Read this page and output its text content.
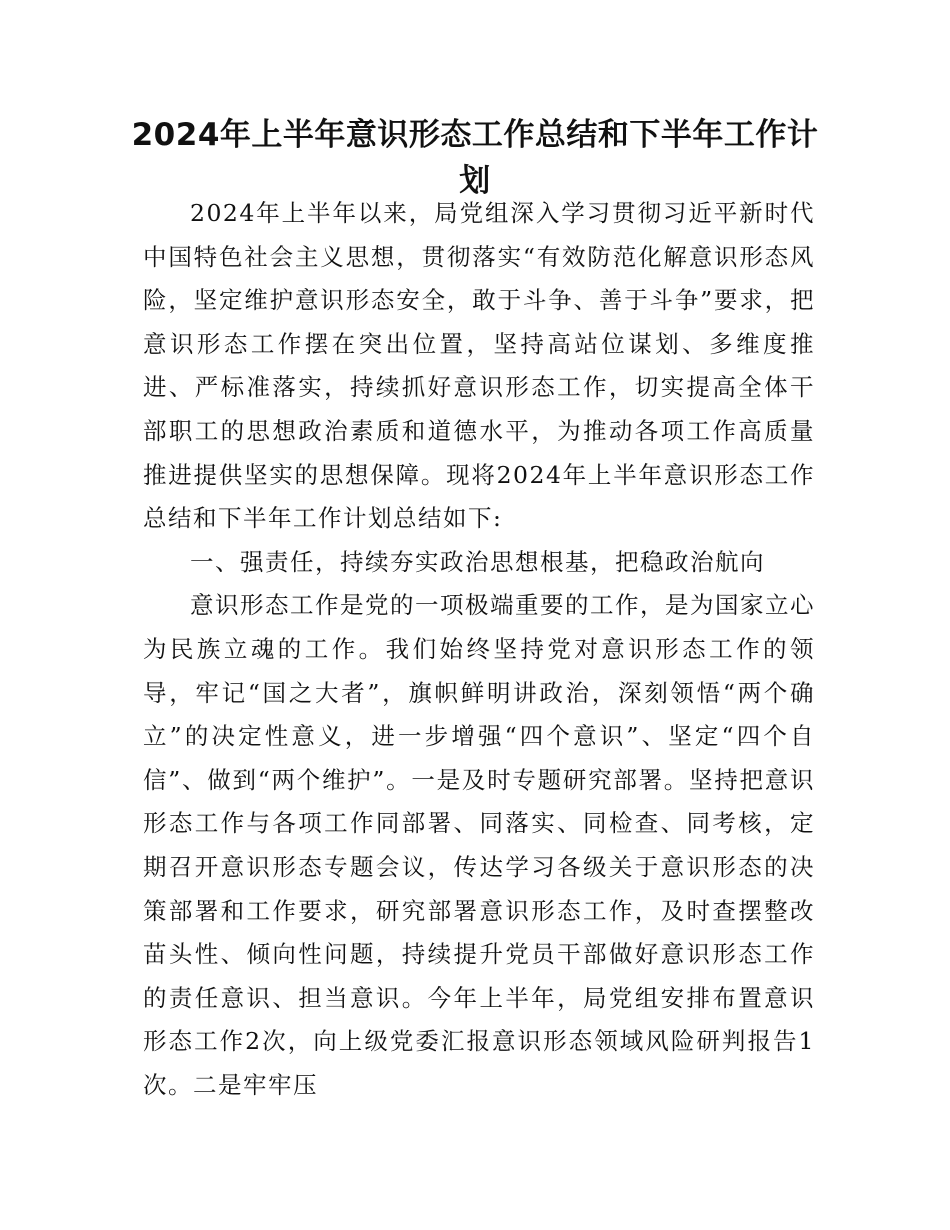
2024年上半年意识形态工作总结和下半年工作计划

2024年上半年以来，局党组深入学习贯彻习近平新时代中国特色社会主义思想，贯彻落实“有效防范化解意识形态风险，坚定维护意识形态安全，敢于斗争、善于斗争”要求，把意识形态工作摆在突出位置，坚持高站位谋划、多维度推进、严标准落实，持续抓好意识形态工作，切实提高全体干部职工的思想政治素质和道德水平，为推动各项工作高质量推进提供坚实的思想保障。现将2024年上半年意识形态工作总结和下半年工作计划总结如下:

一、强责任，持续夯实政治思想根基，把稳政治航向

意识形态工作是党的一项极端重要的工作，是为国家立心为民族立魂的工作。我们始终坚持党对意识形态工作的领导，牢记“国之大者”，旗帜鲜明讲政治，深刻领悟“两个确立”的决定性意义，进一步增强“四个意识”、坚定“四个自信”、做到“两个维护”。一是及时专题研究部署。坚持把意识形态工作与各项工作同部署、同落实、同检查、同考核，定期召开意识形态专题会议，传达学习各级关于意识形态的决策部署和工作要求，研究部署意识形态工作，及时查摆整改苗头性、倾向性问题，持续提升党员干部做好意识形态工作的责任意识、担当意识。今年上半年，局党组安排布置意识形态工作2次，向上级党委汇报意识形态领域风险研判报告1次。二是牢牢压
